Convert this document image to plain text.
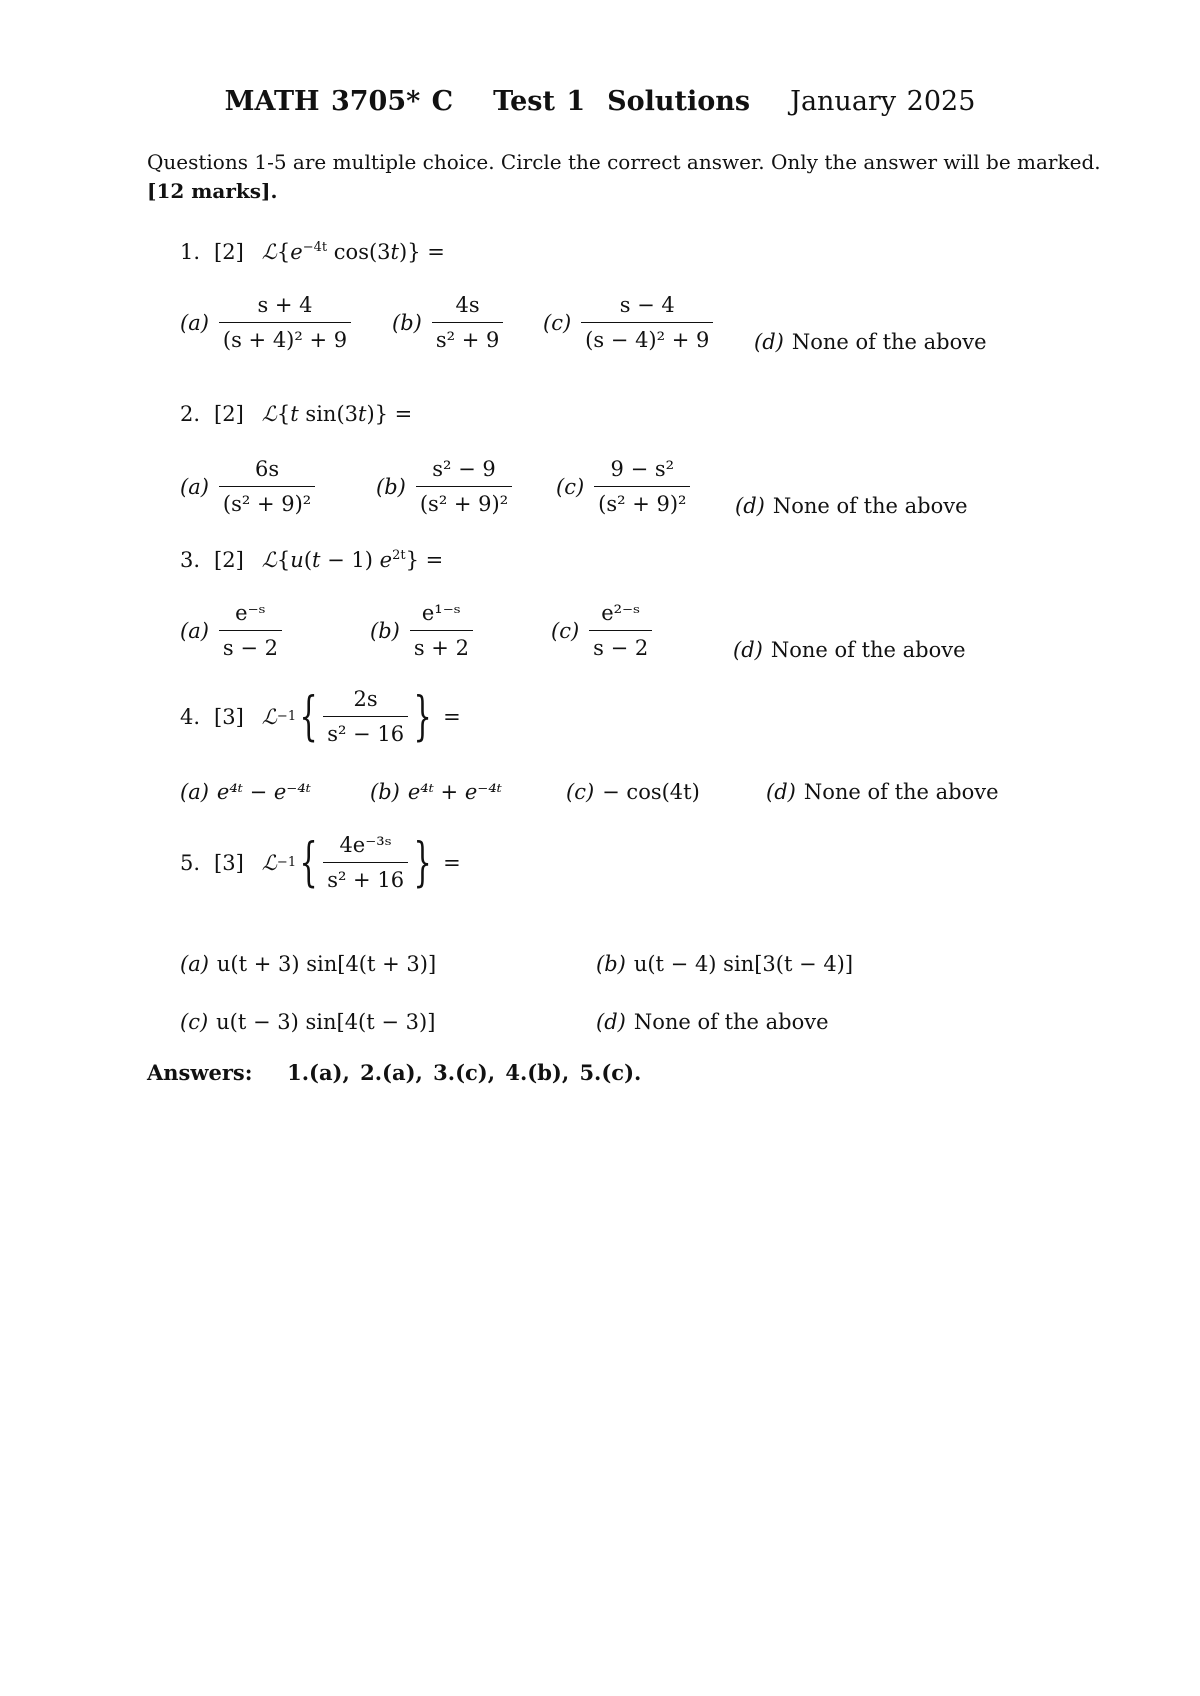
MATH 3705* C Test 1 Solutions January 2025
Questions 1-5 are multiple choice. Circle the correct answer. Only the answer will be marked.
[12 marks].
1. [2] $ℒ\{e^{-4t}$ cos(3t)} =
$(a) \frac{s + 4}{\text{(s + 4)² + 9}} (b) \frac{4s}{\text{s² + 9}} (c) \frac{s - 4}{\text{(s − 4)² + 9}} (d)$ None of the above
2. [2] ℒ{t sin(3t)} =
$(a) \frac{6s}{\text{(s² + 9)²}}$	$(b) \frac{\text{s² − 9}}{\text{(s² + 9)²}} (c) \frac{\text{9 − s²}}{\text{(s² + 9)²}} (d)$ None of the above
3. [2] ℒ{u(t − 1) $e^{2t}$} =
$(a) \frac{\text{e⁻ˢ}}{s - 2}$	$(b) \frac{\text{e¹⁻ˢ}}{s + 2}$	$(c) \frac{\text{e²⁻ˢ}}{s - 2}$	(d) None of the above
4. [3] ℒ −1 { $\frac{2s}{\text{s² − 16}}$ } =
(a) e⁴ᵗ − e⁻⁴ᵗ	(b) e⁴ᵗ + e⁻⁴ᵗ	(c) − cos(4t)	(d) None of the above
5. [3] ℒ −1 { $\frac{\text{4e⁻³ˢ}}{\text{s² + 16}}$ } =
(a) u(t + 3) sin[4(t + 3)]	(b) u(t − 4) sin[3(t − 4)]
(c) u(t − 3) sin[4(t − 3)]	(d) None of the above
Answers: 1.(a), 2.(a), 3.(c), 4.(b), 5.(c).
